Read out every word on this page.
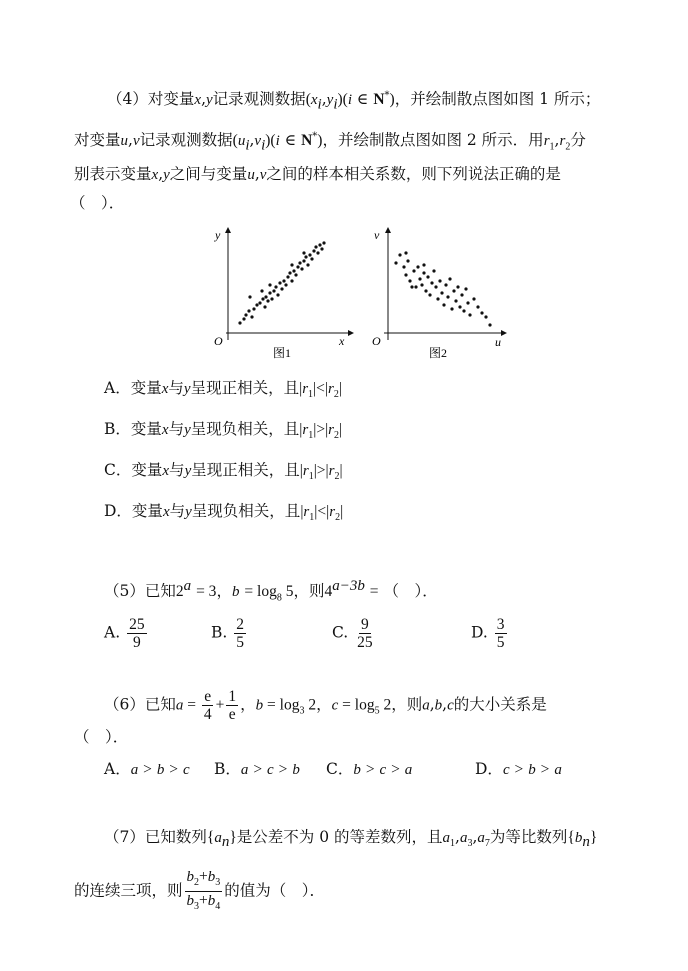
（4）对变量x,y记录观测数据$(x_i,y_i)(i$ ∈ N*)，并绘制散点图如图 1 所示；
对变量u,v记录观测数据$(u_i,v_i)(i$ ∈ N*)，并绘制散点图如图 2 所示．用$r_1,r_2$分
别表示变量x,y之间与变量u,v之间的样本相关系数，则下列说法正确的是
（　）．
y
x
O
图1
v
u
O
图2
A．变量x与y呈现正相关，且$|r_1|<|r_2|$
B．变量x与y呈现负相关，且$|r_1|>|r_2|$
C．变量x与y呈现正相关，且$|r_1|>|r_2|$
D．变量x与y呈现负相关，且$|r_1|<|r_2|$
（5）已知$2^a = 3$，$b = \log_8 5$，则$4^{a-3b}$ = （　）．
A. $\frac{25}{9}$	B. $\frac{2}{5}$	C. $\frac{9}{25}$	D. $\frac{3}{5}$
（6）已知$a = \frac{e}{4} + \frac{1}{e}$ ，$b = \log_3 2$，$c = \log_5 2$，则a,b,c的大小关系是
（　）．
A．a > b > c B．a > c > b C．b > c > a	D．c > b > a
（7）已知数列$\{a_n\}$是公差不为 0 的等差数列，且$a_1,a_3,a_7$为等比数列$\{b_n\}$
的连续三项，则 $\frac{b_2+b_3}{b_3+b_4}$ 的值为（　）．
